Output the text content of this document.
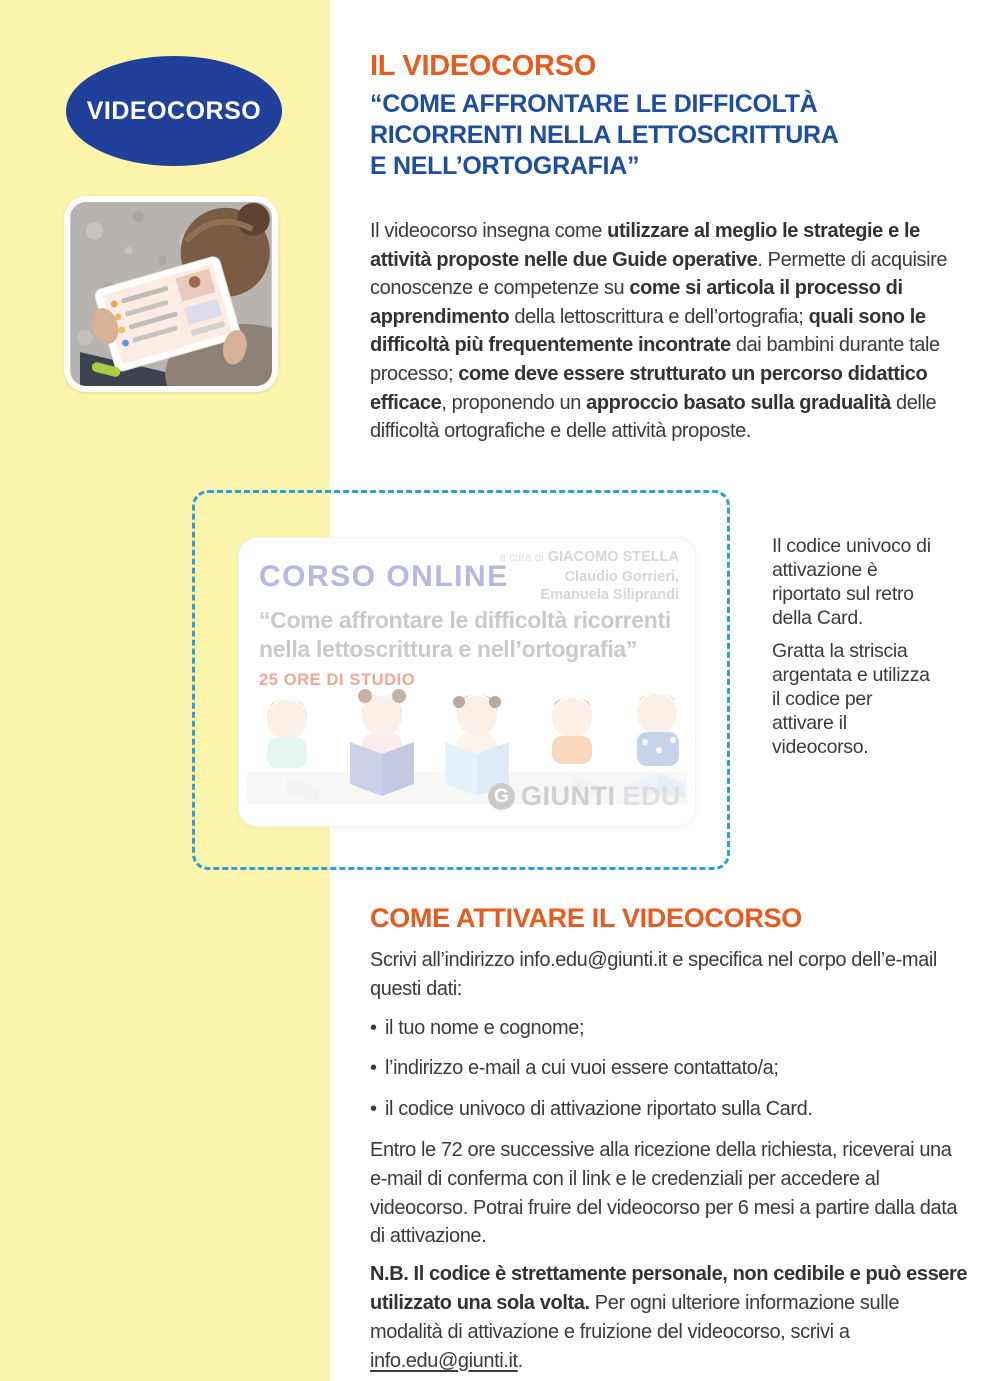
VIDEOCORSO
IL VIDEOCORSO
“COME AFFRONTARE LE DIFFICOLTÀ
RICORRENTI NELLA LETTOSCRITTURA
E NELL’ORTOGRAFIA”

Il videocorso insegna come utilizzare al meglio le strategie e le attività proposte nelle due Guide operative. Permette di acquisire conoscenze e competenze su come si articola il processo di apprendimento della lettoscrittura e dell’ortografia; quali sono le difficoltà più frequentemente incontrate dai bambini durante tale processo; come deve essere strutturato un percorso didattico efficace, proponendo un approccio basato sulla gradualità delle difficoltà ortografiche e delle attività proposte.

CORSO ONLINE
a cura di GIACOMO STELLA
Claudio Gorrieri,
Emanuela Siliprandi
“Come affrontare le difficoltà ricorrenti nella lettoscrittura e nell’ortografia”
25 ORE DI STUDIO
G GIUNTI EDU

Il codice univoco di attivazione è riportato sul retro della Card.

Gratta la striscia argentata e utilizza il codice per attivare il videocorso.

COME ATTIVARE IL VIDEOCORSO

Scrivi all’indirizzo info.edu@giunti.it e specifica nel corpo dell’e-mail questi dati:

• il tuo nome e cognome;
• l’indirizzo e-mail a cui vuoi essere contattato/a;
• il codice univoco di attivazione riportato sulla Card.

Entro le 72 ore successive alla ricezione della richiesta, riceverai una e-mail di conferma con il link e le credenziali per accedere al videocorso. Potrai fruire del videocorso per 6 mesi a partire dalla data di attivazione.

N.B. Il codice è strettamente personale, non cedibile e può essere utilizzato una sola volta. Per ogni ulteriore informazione sulle modalità di attivazione e fruizione del videocorso, scrivi a info.edu@giunti.it.
